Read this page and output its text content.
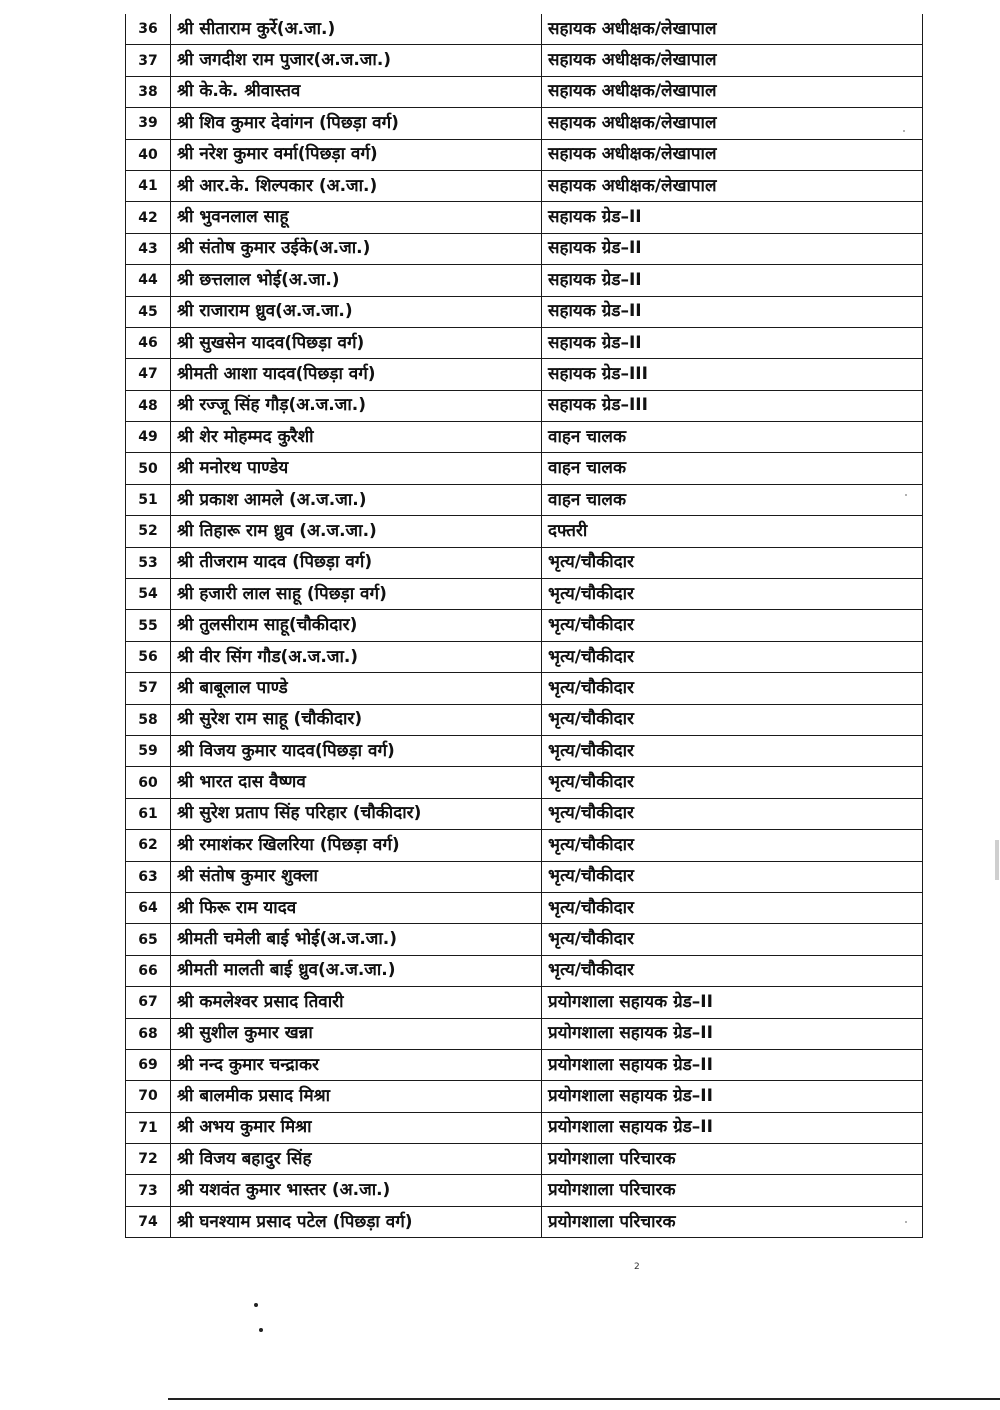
36	श्री सीताराम कुर्रे(अ.जा.)	सहायक अधीक्षक/लेखापाल
37	श्री जगदीश राम पुजार(अ.ज.जा.)	सहायक अधीक्षक/लेखापाल
38	श्री के.के. श्रीवास्तव	सहायक अधीक्षक/लेखापाल
39	श्री शिव कुमार देवांगन (पिछड़ा वर्ग)	सहायक अधीक्षक/लेखापाल
40	श्री नरेश कुमार वर्मा(पिछड़ा वर्ग)	सहायक अधीक्षक/लेखापाल
41	श्री आर.के. शिल्पकार (अ.जा.)	सहायक अधीक्षक/लेखापाल
42	श्री भुवनलाल साहू	सहायक ग्रेड–II
43	श्री संतोष कुमार उईके(अ.जा.)	सहायक ग्रेड–II
44	श्री छत्तलाल भोई(अ.जा.)	सहायक ग्रेड–II
45	श्री राजाराम ध्रुव(अ.ज.जा.)	सहायक ग्रेड–II
46	श्री सुखसेन यादव(पिछड़ा वर्ग)	सहायक ग्रेड–II
47	श्रीमती आशा यादव(पिछड़ा वर्ग)	सहायक ग्रेड–III
48	श्री रज्जू सिंह गौड़(अ.ज.जा.)	सहायक ग्रेड–III
49	श्री शेर मोहम्मद कुरैशी	वाहन चालक
50	श्री मनोरथ पाण्डेय	वाहन चालक
51	श्री प्रकाश आमले (अ.ज.जा.)	वाहन चालक
52	श्री तिहारू राम ध्रुव (अ.ज.जा.)	दफ्तरी
53	श्री तीजराम यादव (पिछड़ा वर्ग)	भृत्य/चौकीदार
54	श्री हजारी लाल साहू (पिछड़ा वर्ग)	भृत्य/चौकीदार
55	श्री तुलसीराम साहू(चौकीदार)	भृत्य/चौकीदार
56	श्री वीर सिंग गौड(अ.ज.जा.)	भृत्य/चौकीदार
57	श्री बाबूलाल पाण्डे	भृत्य/चौकीदार
58	श्री सुरेश राम साहू (चौकीदार)	भृत्य/चौकीदार
59	श्री विजय कुमार यादव(पिछड़ा वर्ग)	भृत्य/चौकीदार
60	श्री भारत दास वैष्णव	भृत्य/चौकीदार
61	श्री सुरेश प्रताप सिंह परिहार (चौकीदार)	भृत्य/चौकीदार
62	श्री रमाशंकर खिलरिया (पिछड़ा वर्ग)	भृत्य/चौकीदार
63	श्री संतोष कुमार शुक्ला	भृत्य/चौकीदार
64	श्री फिरू राम यादव	भृत्य/चौकीदार
65	श्रीमती चमेली बाई भोई(अ.ज.जा.)	भृत्य/चौकीदार
66	श्रीमती मालती बाई ध्रुव(अ.ज.जा.)	भृत्य/चौकीदार
67	श्री कमलेश्वर प्रसाद तिवारी	प्रयोगशाला सहायक ग्रेड–II
68	श्री सुशील कुमार खन्ना	प्रयोगशाला सहायक ग्रेड–II
69	श्री नन्द कुमार चन्द्राकर	प्रयोगशाला सहायक ग्रेड–II
70	श्री बालमीक प्रसाद मिश्रा	प्रयोगशाला सहायक ग्रेड–II
71	श्री अभय कुमार मिश्रा	प्रयोगशाला सहायक ग्रेड–II
72	श्री विजय बहादुर सिंह	प्रयोगशाला परिचारक
73	श्री यशवंत कुमार भास्तर (अ.जा.)	प्रयोगशाला परिचारक
74	श्री घनश्याम प्रसाद पटेल (पिछड़ा वर्ग)	प्रयोगशाला परिचारक
2
